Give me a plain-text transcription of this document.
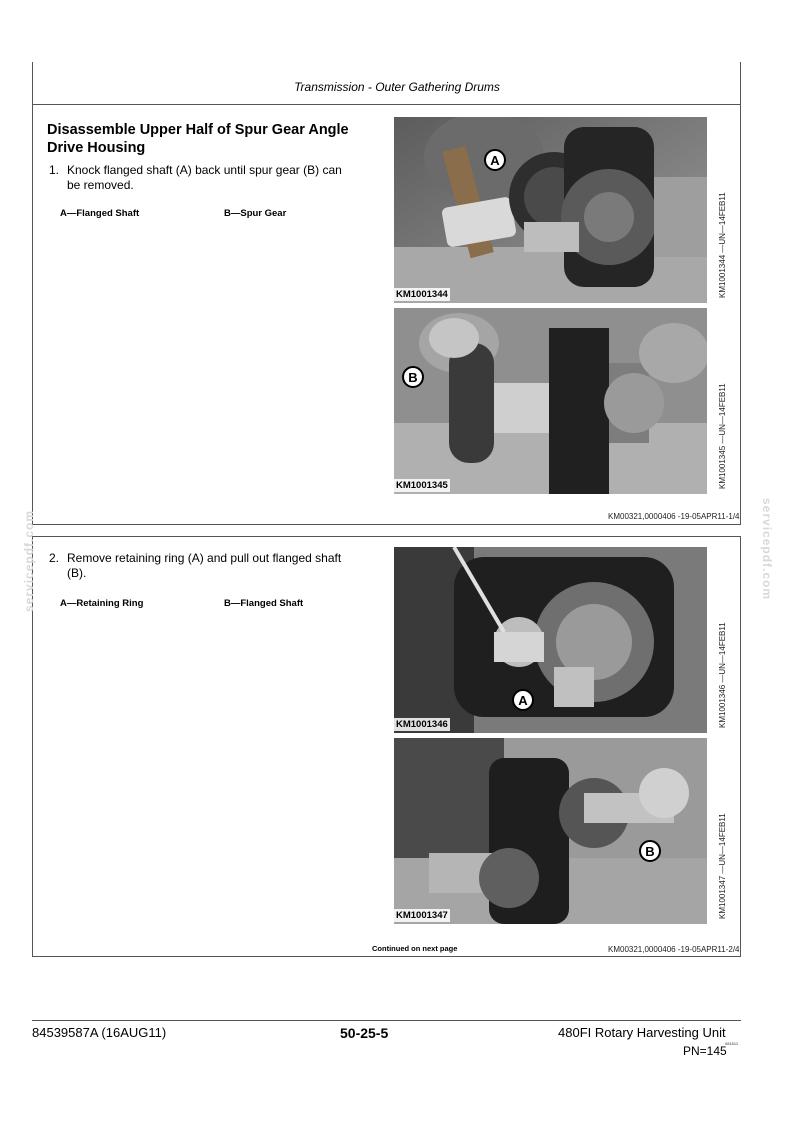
Transmission - Outer Gathering Drums
Disassemble Upper Half of Spur Gear Angle
Drive Housing
1. Knock flanged shaft (A) back until spur gear (B) can
be removed.
A—Flanged Shaft	B—Spur Gear
KM1001344
A
KM1001344 —UN—14FEB11
KM1001345
B
KM1001345 —UN—14FEB11
KM00321,0000406 -19-05APR11-1/4
2. Remove retaining ring (A) and pull out flanged shaft
(B).
A—Retaining Ring	B—Flanged Shaft
KM1001346
A	KM1001346 —UN—14FEB11
KM1001347
B	KM1001347 —UN—14FEB11
Continued on next page	KM00321,0000406 -19-05APR11-2/4
servicepdf.com	servicepdf.com
84539587A (16AUG11)	50-25-5	480FI Rotary Harvesting Unit
081611
PN=145
